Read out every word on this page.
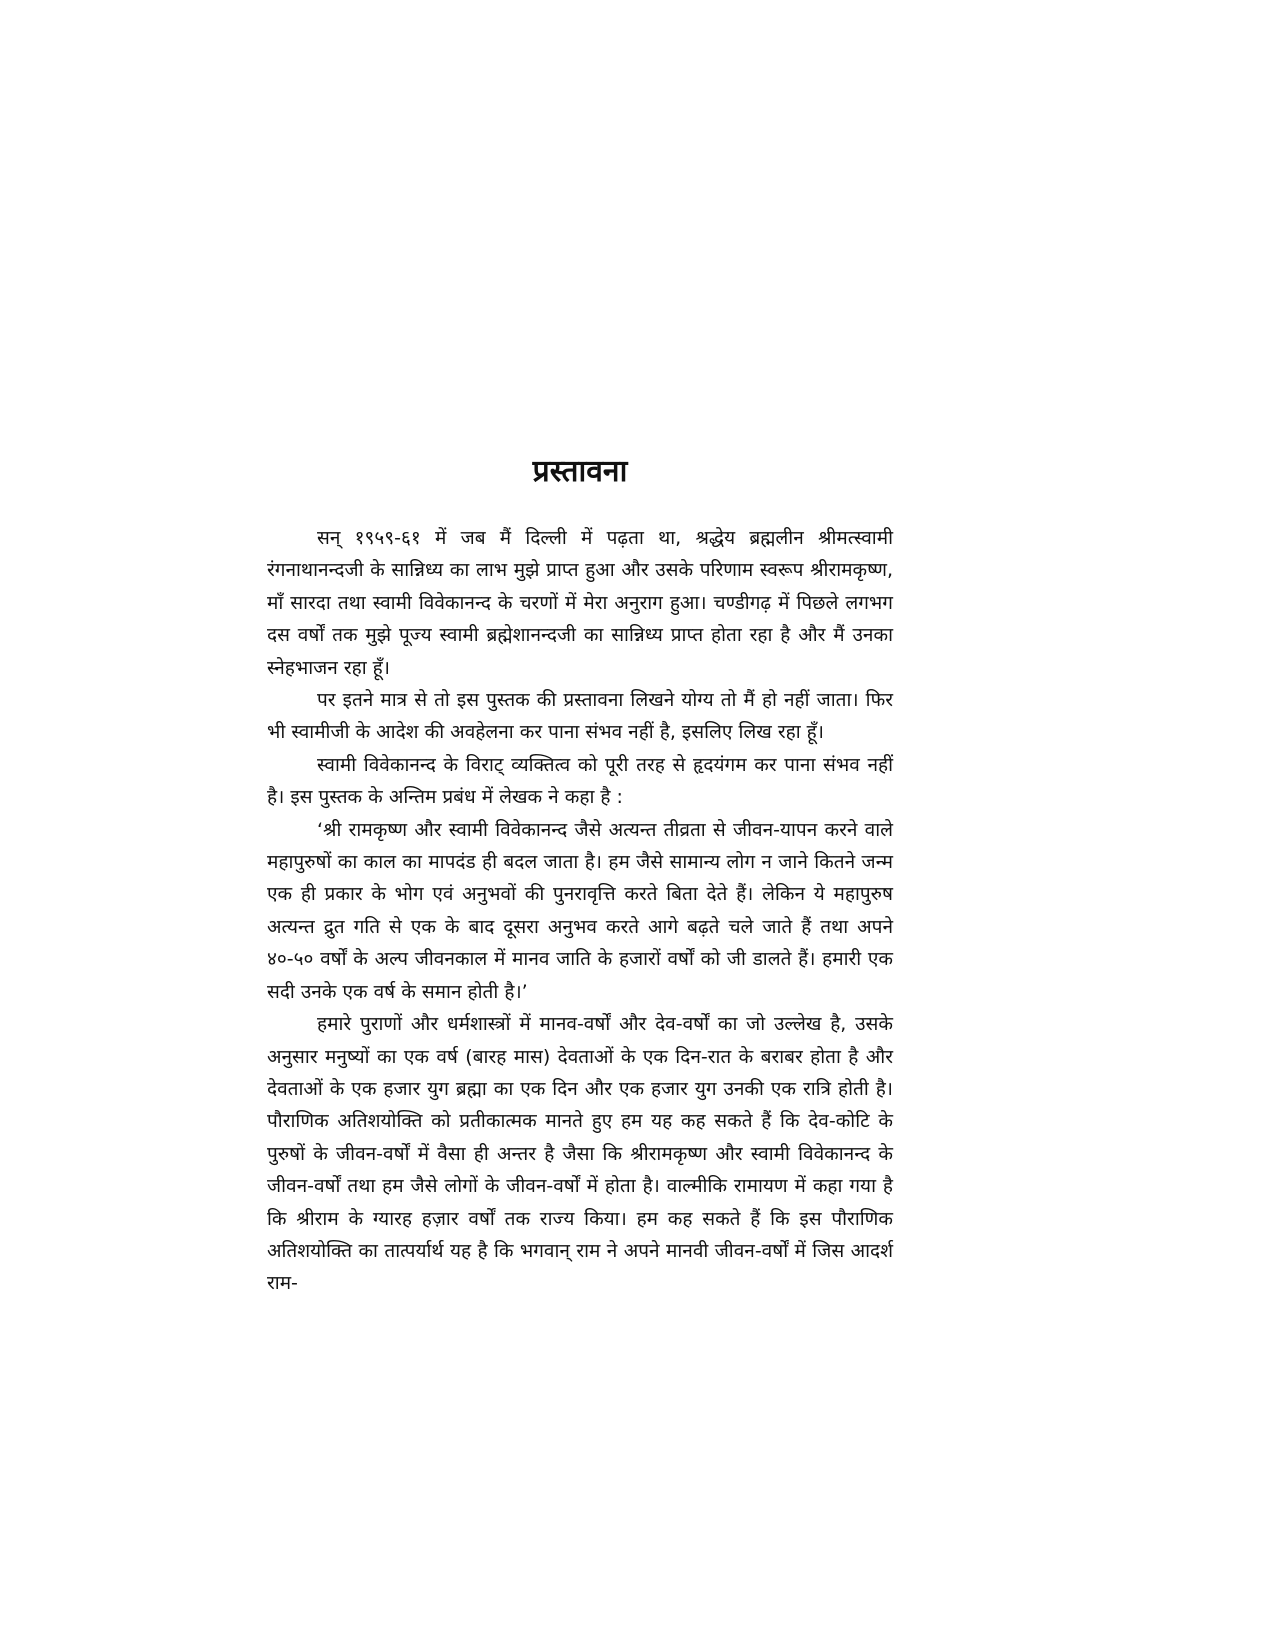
प्रस्तावना

सन् १९५९-६१ में जब मैं दिल्ली में पढ़ता था, श्रद्धेय ब्रह्मलीन श्रीमत्स्वामी रंगनाथानन्दजी के सान्निध्य का लाभ मुझे प्राप्त हुआ और उसके परिणाम स्वरूप श्रीरामकृष्ण, माँ सारदा तथा स्वामी विवेकानन्द के चरणों में मेरा अनुराग हुआ। चण्डीगढ़ में पिछले लगभग दस वर्षों तक मुझे पूज्य स्वामी ब्रह्मेशानन्दजी का सान्निध्य प्राप्त होता रहा है और मैं उनका स्नेहभाजन रहा हूँ।

पर इतने मात्र से तो इस पुस्तक की प्रस्तावना लिखने योग्य तो मैं हो नहीं जाता। फिर भी स्वामीजी के आदेश की अवहेलना कर पाना संभव नहीं है, इसलिए लिख रहा हूँ।

स्वामी विवेकानन्द के विराट् व्यक्तित्व को पूरी तरह से हृदयंगम कर पाना संभव नहीं है। इस पुस्तक के अन्तिम प्रबंध में लेखक ने कहा है :

‘श्री रामकृष्ण और स्वामी विवेकानन्द जैसे अत्यन्त तीव्रता से जीवन-यापन करने वाले महापुरुषों का काल का मापदंड ही बदल जाता है। हम जैसे सामान्य लोग न जाने कितने जन्म एक ही प्रकार के भोग एवं अनुभवों की पुनरावृत्ति करते बिता देते हैं। लेकिन ये महापुरुष अत्यन्त द्रुत गति से एक के बाद दूसरा अनुभव करते आगे बढ़ते चले जाते हैं तथा अपने ४०-५० वर्षों के अल्प जीवनकाल में मानव जाति के हजारों वर्षों को जी डालते हैं। हमारी एक सदी उनके एक वर्ष के समान होती है।’

हमारे पुराणों और धर्मशास्त्रों में मानव-वर्षों और देव-वर्षों का जो उल्लेख है, उसके अनुसार मनुष्यों का एक वर्ष (बारह मास) देवताओं के एक दिन-रात के बराबर होता है और देवताओं के एक हजार युग ब्रह्मा का एक दिन और एक हजार युग उनकी एक रात्रि होती है। पौराणिक अतिशयोक्ति को प्रतीकात्मक मानते हुए हम यह कह सकते हैं कि देव-कोटि के पुरुषों के जीवन-वर्षों में वैसा ही अन्तर है जैसा कि श्रीरामकृष्ण और स्वामी विवेकानन्द के जीवन-वर्षों तथा हम जैसे लोगों के जीवन-वर्षों में होता है। वाल्मीकि रामायण में कहा गया है कि श्रीराम के ग्यारह हज़ार वर्षों तक राज्य किया। हम कह सकते हैं कि इस पौराणिक अतिशयोक्ति का तात्पर्यार्थ यह है कि भगवान् राम ने अपने मानवी जीवन-वर्षों में जिस आदर्श राम-
